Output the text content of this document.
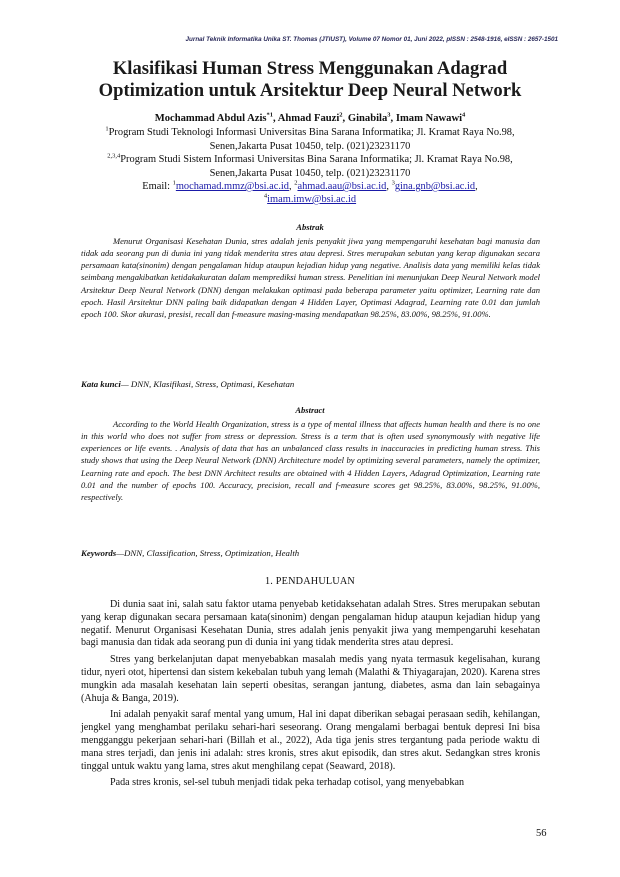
Jurnal Teknik Informatika Unika ST. Thomas (JTIUST), Volume 07 Nomor 01, Juni 2022, pISSN : 2548-1916, eISSN : 2657-1501
Klasifikasi Human Stress Menggunakan Adagrad
Optimization untuk Arsitektur Deep Neural Network
Mochammad Abdul Azis$^{*1}$, Ahmad Fauzi$^2$, Ginabila$^3$, Imam Nawawi$^4$
$^1$Program Studi Teknologi Informasi Universitas Bina Sarana Informatika; Jl. Kramat Raya No.98,
Senen,Jakarta Pusat 10450, telp. (021)23231170
$^{2,3,4}$Program Studi Sistem Informasi Universitas Bina Sarana Informatika; Jl. Kramat Raya No.98,
Senen,Jakarta Pusat 10450, telp. (021)23231170
Email: $^1$mochamad.mmz@bsi.ac.id, $^2$ahmad.aau@bsi.ac.id, $^3$gina.gnb@bsi.ac.id,
$^4$imam.imw@bsi.ac.id
Abstrak
Menurut Organisasi Kesehatan Dunia, stres adalah jenis penyakit jiwa yang mempengaruhi kesehatan bagi manusia dan tidak ada seorang pun di dunia ini yang tidak menderita stres atau depresi. Stres merupakan sebutan yang kerap digunakan secara persamaan kata(sinonim) dengan pengalaman hidup ataupun kejadian hidup yang negative. Analisis data yang memiliki kelas tidak seimbang mengakibatkan ketidakakuratan dalam memprediksi human stress. Penelitian ini menunjukan Deep Neural Network model Arsitektur Deep Neural Network (DNN) dengan melakukan optimasi pada beberapa parameter yaitu optimizer, Learning rate dan epoch. Hasil Arsitektur DNN paling baik didapatkan dengan 4 Hidden Layer, Optimasi Adagrad, Learning rate 0.01 dan jumlah epoch 100. Skor akurasi, presisi, recall dan f-measure masing-masing mendapatkan 98.25%, 83.00%, 98.25%, 91.00%.
Kata kunci— DNN, Klasifikasi, Stress, Optimasi, Kesehatan
Abstract
According to the World Health Organization, stress is a type of mental illness that affects human health and there is no one in this world who does not suffer from stress or depression. Stress is a term that is often used synonymously with negative life experiences or life events. . Analysis of data that has an unbalanced class results in inaccuracies in predicting human stress. This study shows that using the Deep Neural Network (DNN) Architecture model by optimizing several parameters, namely the optimizer, Learning rate and epoch. The best DNN Architect results are obtained with 4 Hidden Layers, Adagrad Optimization, Learning rate 0.01 and the number of epochs 100. Accuracy, precision, recall and f-measure scores get 98.25%, 83.00%, 98.25%, 91.00%, respectively.
Keywords—DNN, Classification, Stress, Optimization, Health
1. PENDAHULUAN

Di dunia saat ini, salah satu faktor utama penyebab ketidaksehatan adalah Stres. Stres merupakan sebutan yang kerap digunakan secara persamaan kata(sinonim) dengan pengalaman hidup ataupun kejadian hidup yang negatif. Menurut Organisasi Kesehatan Dunia, stres adalah jenis penyakit jiwa yang mempengaruhi kesehatan bagi manusia dan tidak ada seorang pun di dunia ini yang tidak menderita stres atau depresi.

Stres yang berkelanjutan dapat menyebabkan masalah medis yang nyata termasuk kegelisahan, kurang tidur, nyeri otot, hipertensi dan sistem kekebalan tubuh yang lemah (Malathi & Thiyagarajan, 2020). Karena stres mungkin ada masalah kesehatan lain seperti obesitas, serangan jantung, diabetes, asma dan lain sebagainya (Ahuja & Banga, 2019).

Ini adalah penyakit saraf mental yang umum, Hal ini dapat diberikan sebagai perasaan sedih, kehilangan, jengkel yang menghambat perilaku sehari-hari seseorang. Orang mengalami berbagai bentuk depresi Ini bisa mengganggu pekerjaan sehari-hari (Billah et al., 2022), Ada tiga jenis stres tergantung pada periode waktu di mana stres terjadi, dan jenis ini adalah: stres kronis, stres akut episodik, dan stres akut. Sedangkan stres kronis tinggal untuk waktu yang lama, stres akut menghilang cepat (Seaward, 2018).

Pada stres kronis, sel-sel tubuh menjadi tidak peka terhadap cotisol, yang menyebabkan

56
